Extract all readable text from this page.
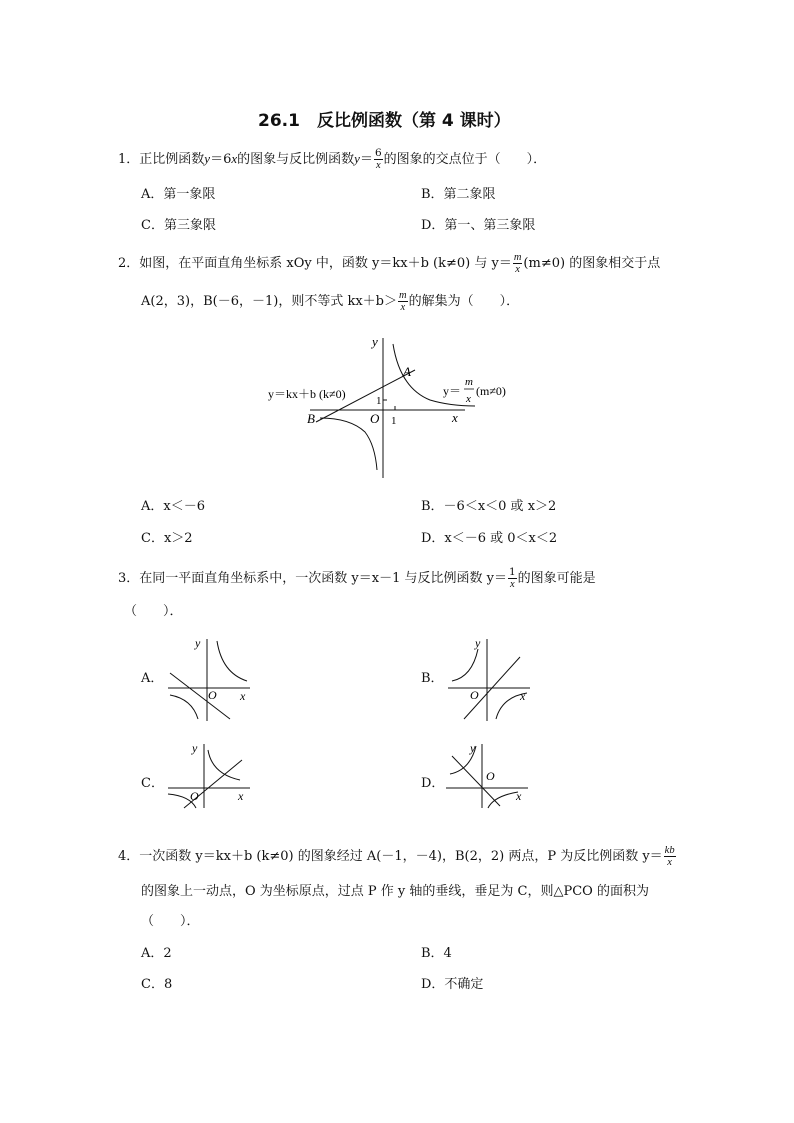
26.1　反比例函数（第 4 课时）
1．正比例函数y＝6x的图象与反比例函数$y= \frac{6}{x}$ 的图象的交点位于（　　）．
A．第一象限	B．第二象限
C．第三象限	D．第一、第三象限
2．如图，在平面直角坐标系 xOy 中，函数 y＝kx＋b (k≠0) 与 $y= \frac{m}{x} (m\ne 0)$ 的图象相交于点
A(2，3)，B(－6，－1)，则不等式 $kx+b> \frac{m}{x}$ 的解集为（　　）．
y
x
O 1
1
A
B
y＝kx＋b (k≠0)	y＝
m
x
(m≠0)
A．x＜－6	B．－6＜x＜0 或 x＞2
C．x＞2	D．x＜－6 或 0＜x＜2
3．在同一平面直角坐标系中，一次函数 y＝x－1 与反比例函数 $y= \frac{1}{x}$ 的图象可能是
（　　）．
A．
y
x
O
B．
y
x
O
C．
y
x
O
D．
y
x
O
4．一次函数 y＝kx＋b (k≠0) 的图象经过 A(－1，－4)，B(2，2) 两点，P 为反比例函数 $y= \frac{kb}{x}$
的图象上一动点，O 为坐标原点，过点 P 作 y 轴的垂线，垂足为 C，则△PCO 的面积为
（　　）．
A．2	B．4
C．8	D．不确定
